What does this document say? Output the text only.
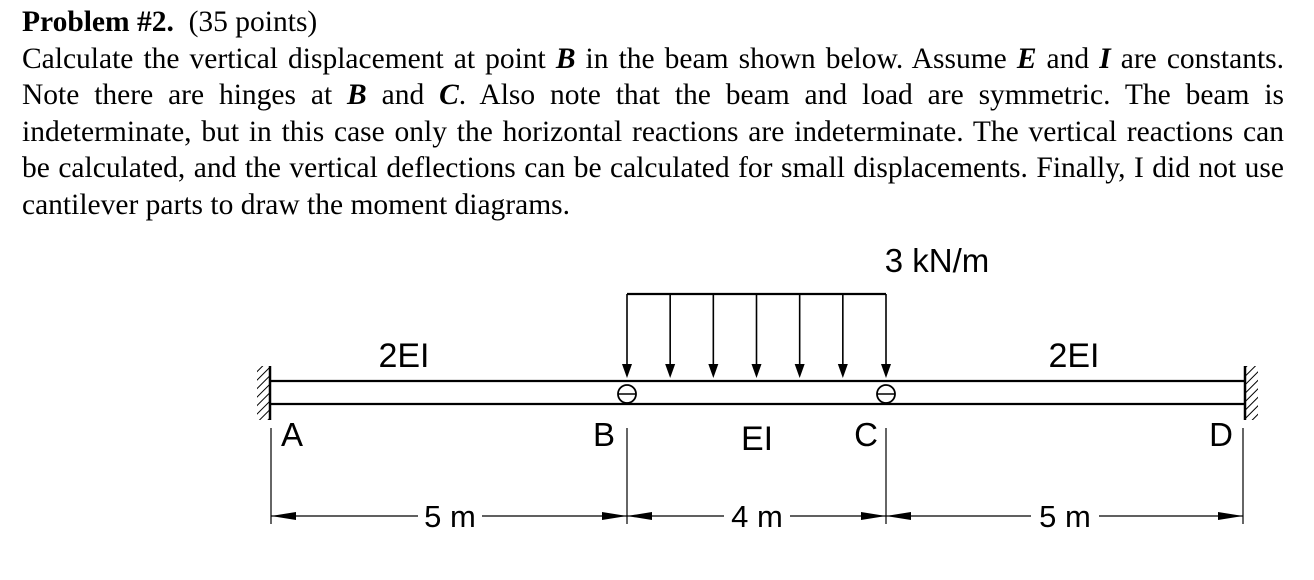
Problem #2. (35 points)

Calculate the vertical displacement at point B in the beam shown below. Assume E and I are constants. Note there are hinges at B and C. Also note that the beam and load are symmetric. The beam is indeterminate, but in this case only the horizontal reactions are indeterminate. The vertical reactions can be calculated, and the vertical deflections can be calculated for small displacements. Finally, I did not use cantilever parts to draw the moment diagrams.

3 kN/m
2EI
EI
2EI
A	B	C	D
5 m	4 m	5 m
